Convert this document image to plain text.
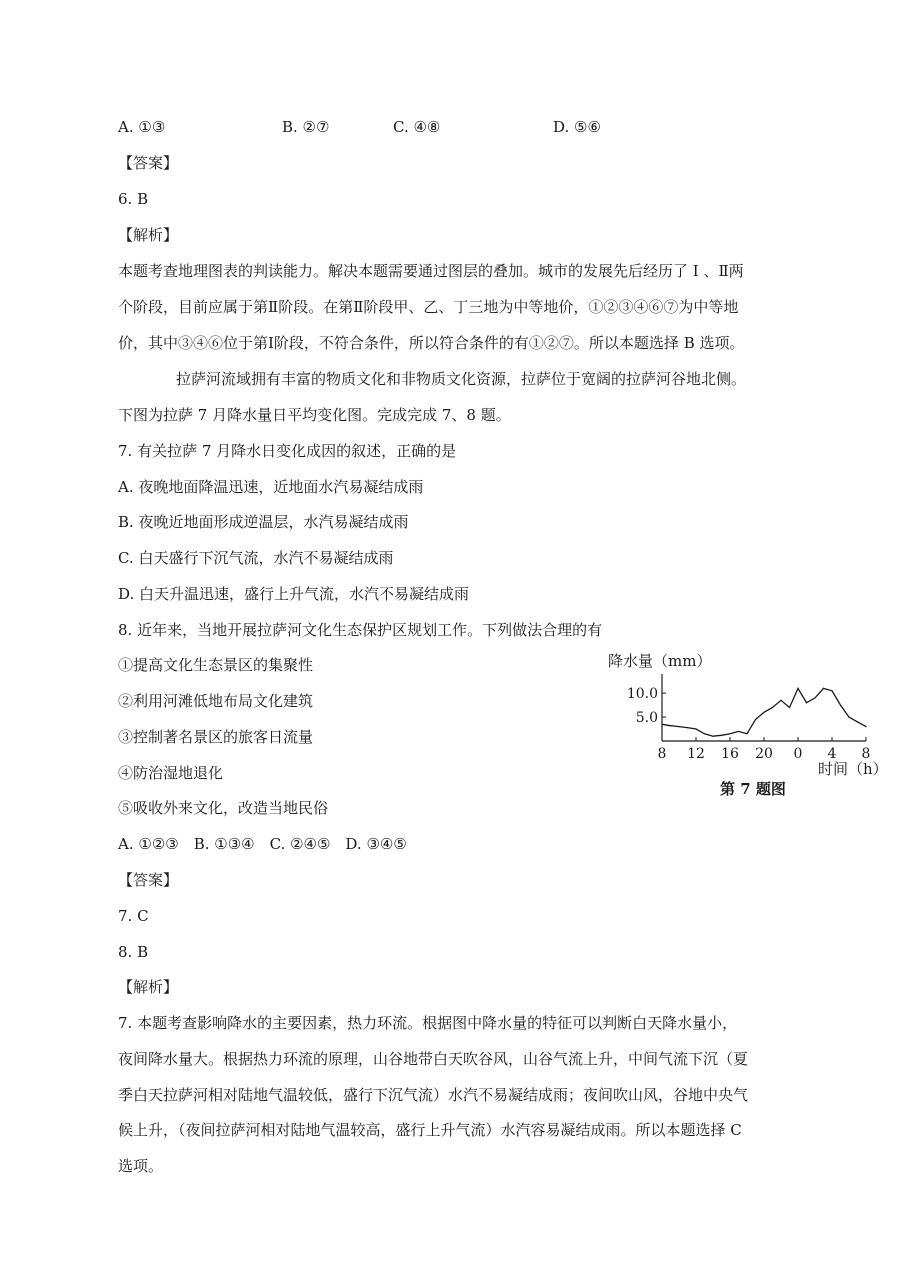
A. ①③	B. ②⑦	C. ④⑧	D. ⑤⑥
【答案】
6. B
【解析】
本题考查地理图表的判读能力。解决本题需要通过图层的叠加。城市的发展先后经历了 Ⅰ 、Ⅱ两
个阶段，目前应属于第Ⅱ阶段。在第Ⅱ阶段甲、乙、丁三地为中等地价，①②③④⑥⑦为中等地
价，其中③④⑥位于第Ⅰ阶段，不符合条件，所以符合条件的有①②⑦。所以本题选择 B 选项。
拉萨河流域拥有丰富的物质文化和非物质文化资源，拉萨位于宽阔的拉萨河谷地北侧。
下图为拉萨 7 月降水量日平均变化图。完成完成 7、8 题。
7. 有关拉萨 7 月降水日变化成因的叙述，正确的是
A. 夜晚地面降温迅速，近地面水汽易凝结成雨
B. 夜晚近地面形成逆温层，水汽易凝结成雨
C. 白天盛行下沉气流，水汽不易凝结成雨
D. 白天升温迅速，盛行上升气流，水汽不易凝结成雨
8. 近年来，当地开展拉萨河文化生态保护区规划工作。下列做法合理的有
①提高文化生态景区的集聚性
②利用河滩低地布局文化建筑
③控制著名景区的旅客日流量
④防治湿地退化
⑤吸收外来文化，改造当地民俗
A. ①②③　B. ①③④　C. ②④⑤　D. ③④⑤
【答案】
7. C
8. B
【解析】
7. 本题考查影响降水的主要因素，热力环流。根据图中降水量的特征可以判断白天降水量小，
夜间降水量大。根据热力环流的原理，山谷地带白天吹谷风，山谷气流上升，中间气流下沉（夏
季白天拉萨河相对陆地气温较低，盛行下沉气流）水汽不易凝结成雨；夜间吹山风，谷地中央气
候上升，（夜间拉萨河相对陆地气温较高，盛行上升气流）水汽容易凝结成雨。所以本题选择 C
选项。
降水量（mm）
5.0
10.0
8 12 16 20 0 4 8
时间（h）
第 7 题图
